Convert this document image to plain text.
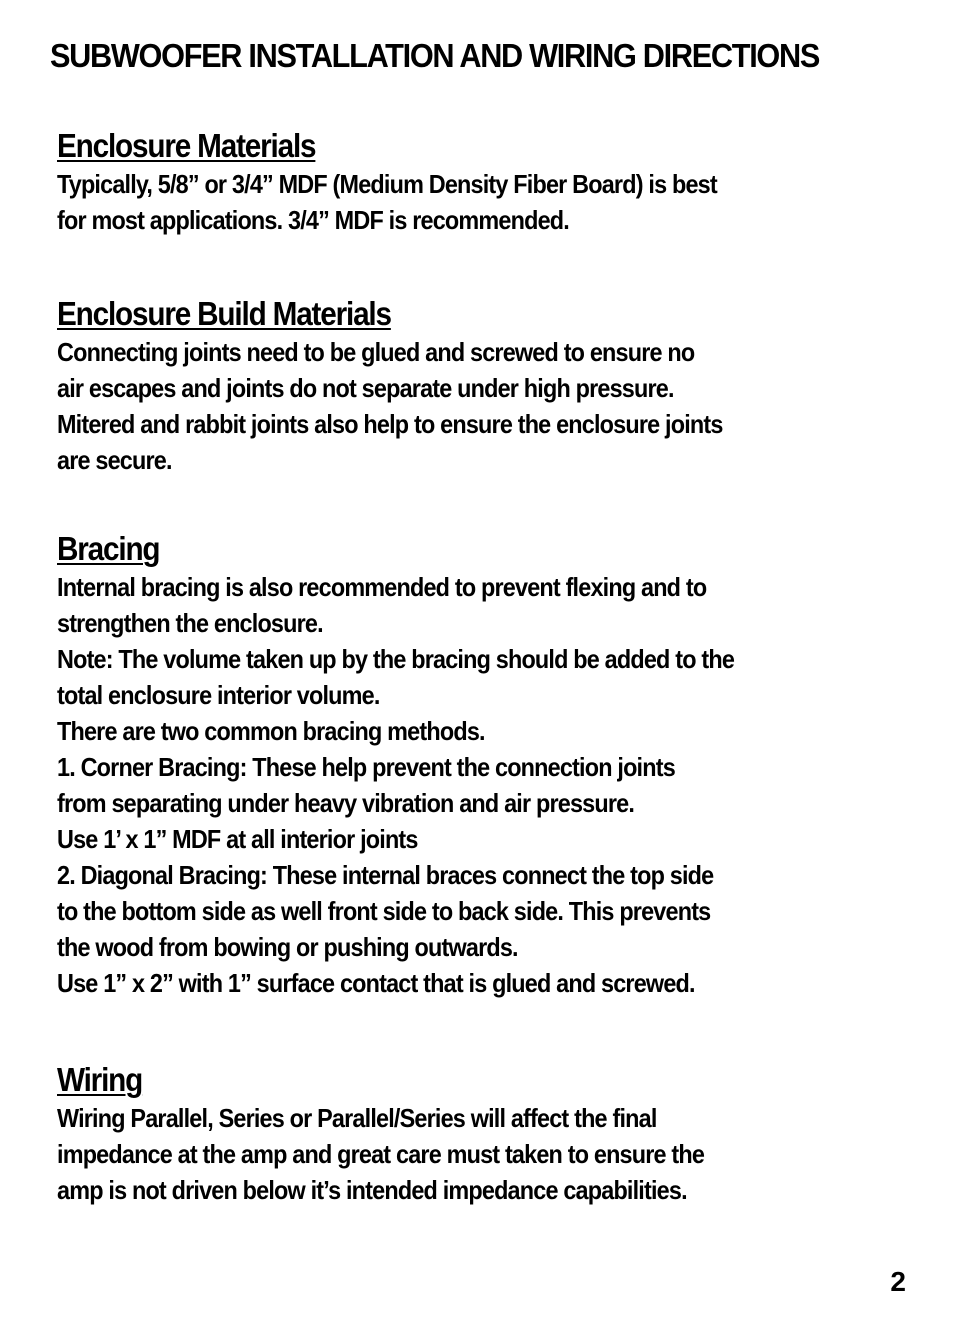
SUBWOOFER INSTALLATION AND WIRING DIRECTIONS
Enclosure Materials
Typically, 5/8” or 3/4” MDF (Medium Density Fiber Board) is best
for most applications. 3/4” MDF is recommended.
Enclosure Build Materials
Connecting joints need to be glued and screwed to ensure no
air escapes and joints do not separate under high pressure.
Mitered and rabbit joints also help to ensure the enclosure joints
are secure.
Bracing
Internal bracing is also recommended to prevent flexing and to
strengthen the enclosure.
Note: The volume taken up by the bracing should be added to the
total enclosure interior volume.
There are two common bracing methods.
1. Corner Bracing: These help prevent the connection joints
from separating under heavy vibration and air pressure.
Use 1’ x 1” MDF at all interior joints
2. Diagonal Bracing: These internal braces connect the top side
to the bottom side as well front side to back side. This prevents
the wood from bowing or pushing outwards.
Use 1” x 2” with 1” surface contact that is glued and screwed.
Wiring
Wiring Parallel, Series or Parallel/Series will affect the final
impedance at the amp and great care must taken to ensure the
amp is not driven below it’s intended impedance capabilities.
2
